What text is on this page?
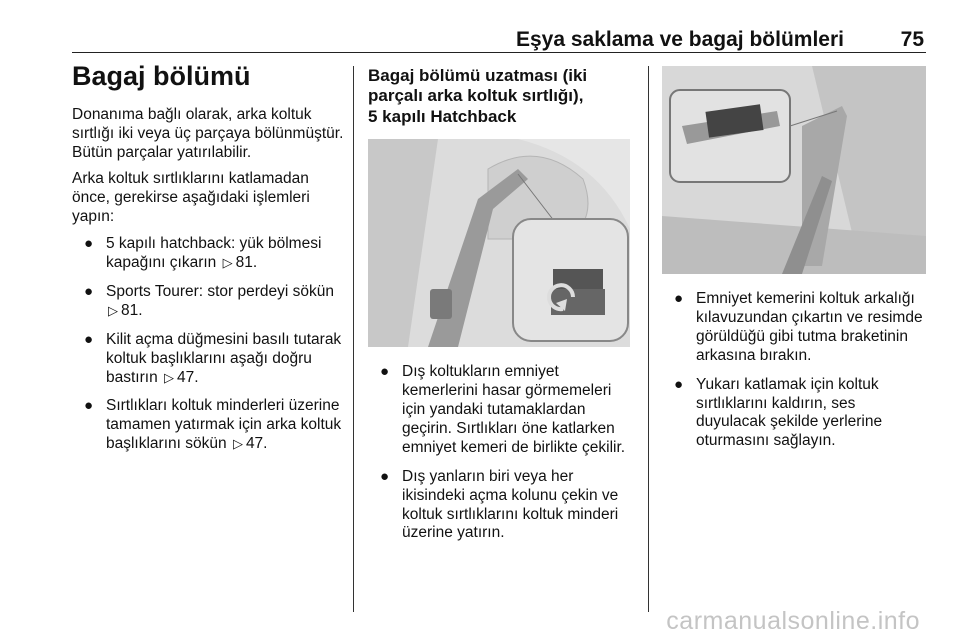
Eşya saklama ve bagaj bölümleri	75
Bagaj bölümü

Donanıma bağlı olarak, arka koltuk sırtlığı iki veya üç parçaya bölünmüştür. Bütün parçalar yatırılabilir.

Arka koltuk sırtlıklarını katlamadan önce, gerekirse aşağıdaki işlemleri yapın:

● 5 kapılı hatchback: yük bölmesi kapağını çıkarın ▷ 81.
● Sports Tourer: stor perdeyi sökün ▷ 81.
● Kilit açma düğmesini basılı tutarak koltuk başlıklarını aşağı doğru bastırın ▷ 47.
● Sırtlıkları koltuk minderleri üzerine tamamen yatırmak için arka koltuk başlıklarını sökün ▷ 47.
Bagaj bölümü uzatması (iki
parçalı arka koltuk sırtlığı),
5 kapılı Hatchback
● Dış koltukların emniyet kemerlerini hasar görmemeleri için yandaki tutamaklardan geçirin. Sırtlıkları öne katlarken emniyet kemeri de birlikte çekilir.
● Dış yanların biri veya her ikisindeki açma kolunu çekin ve koltuk sırtlıklarını koltuk minderi üzerine yatırın.
● Emniyet kemerini koltuk arkalığı kılavuzundan çıkartın ve resimde görüldüğü gibi tutma braketinin arkasına bırakın.
● Yukarı katlamak için koltuk sırtlıklarını kaldırın, ses duyulacak şekilde yerlerine oturmasını sağlayın.
carmanualsonline.info
